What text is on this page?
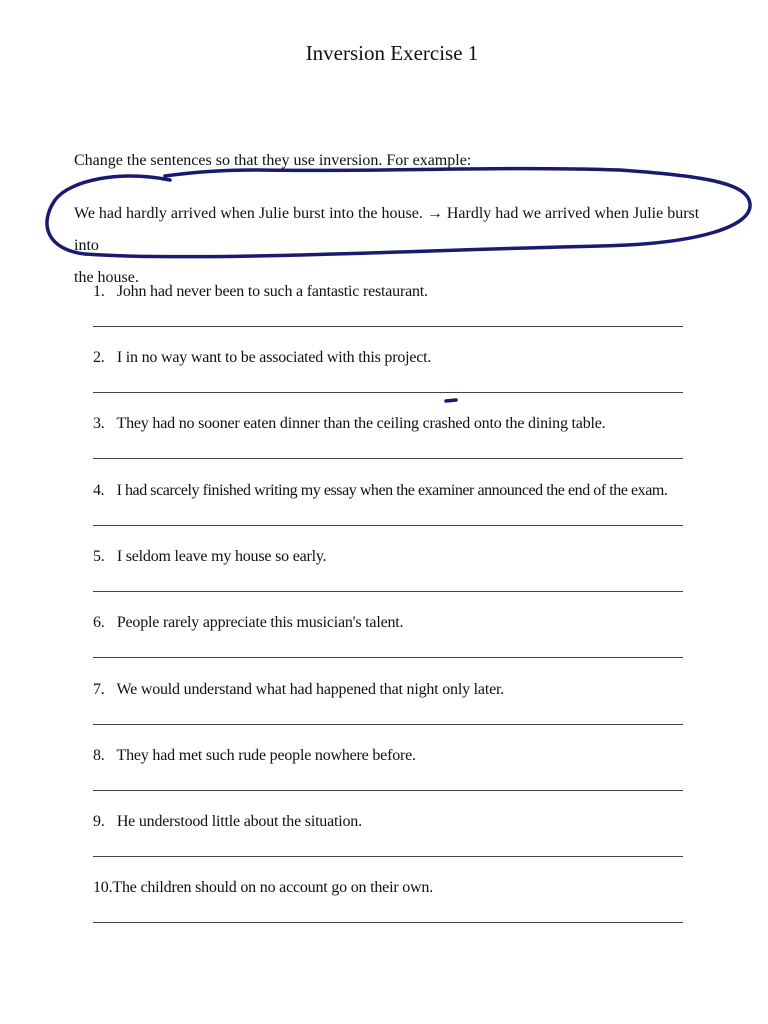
Inversion Exercise 1
Change the sentences so that they use inversion. For example:
We had hardly arrived when Julie burst into the house. → Hardly had we arrived when Julie burst into
the house.
1. John had never been to such a fantastic restaurant.
2. I in no way want to be associated with this project.
3. They had no sooner eaten dinner than the ceiling crashed onto the dining table.
4. I had scarcely finished writing my essay when the examiner announced the end of the exam.
5. I seldom leave my house so early.
6. People rarely appreciate this musician's talent.
7. We would understand what had happened that night only later.
8. They had met such rude people nowhere before.
9. He understood little about the situation.
10.The children should on no account go on their own.
